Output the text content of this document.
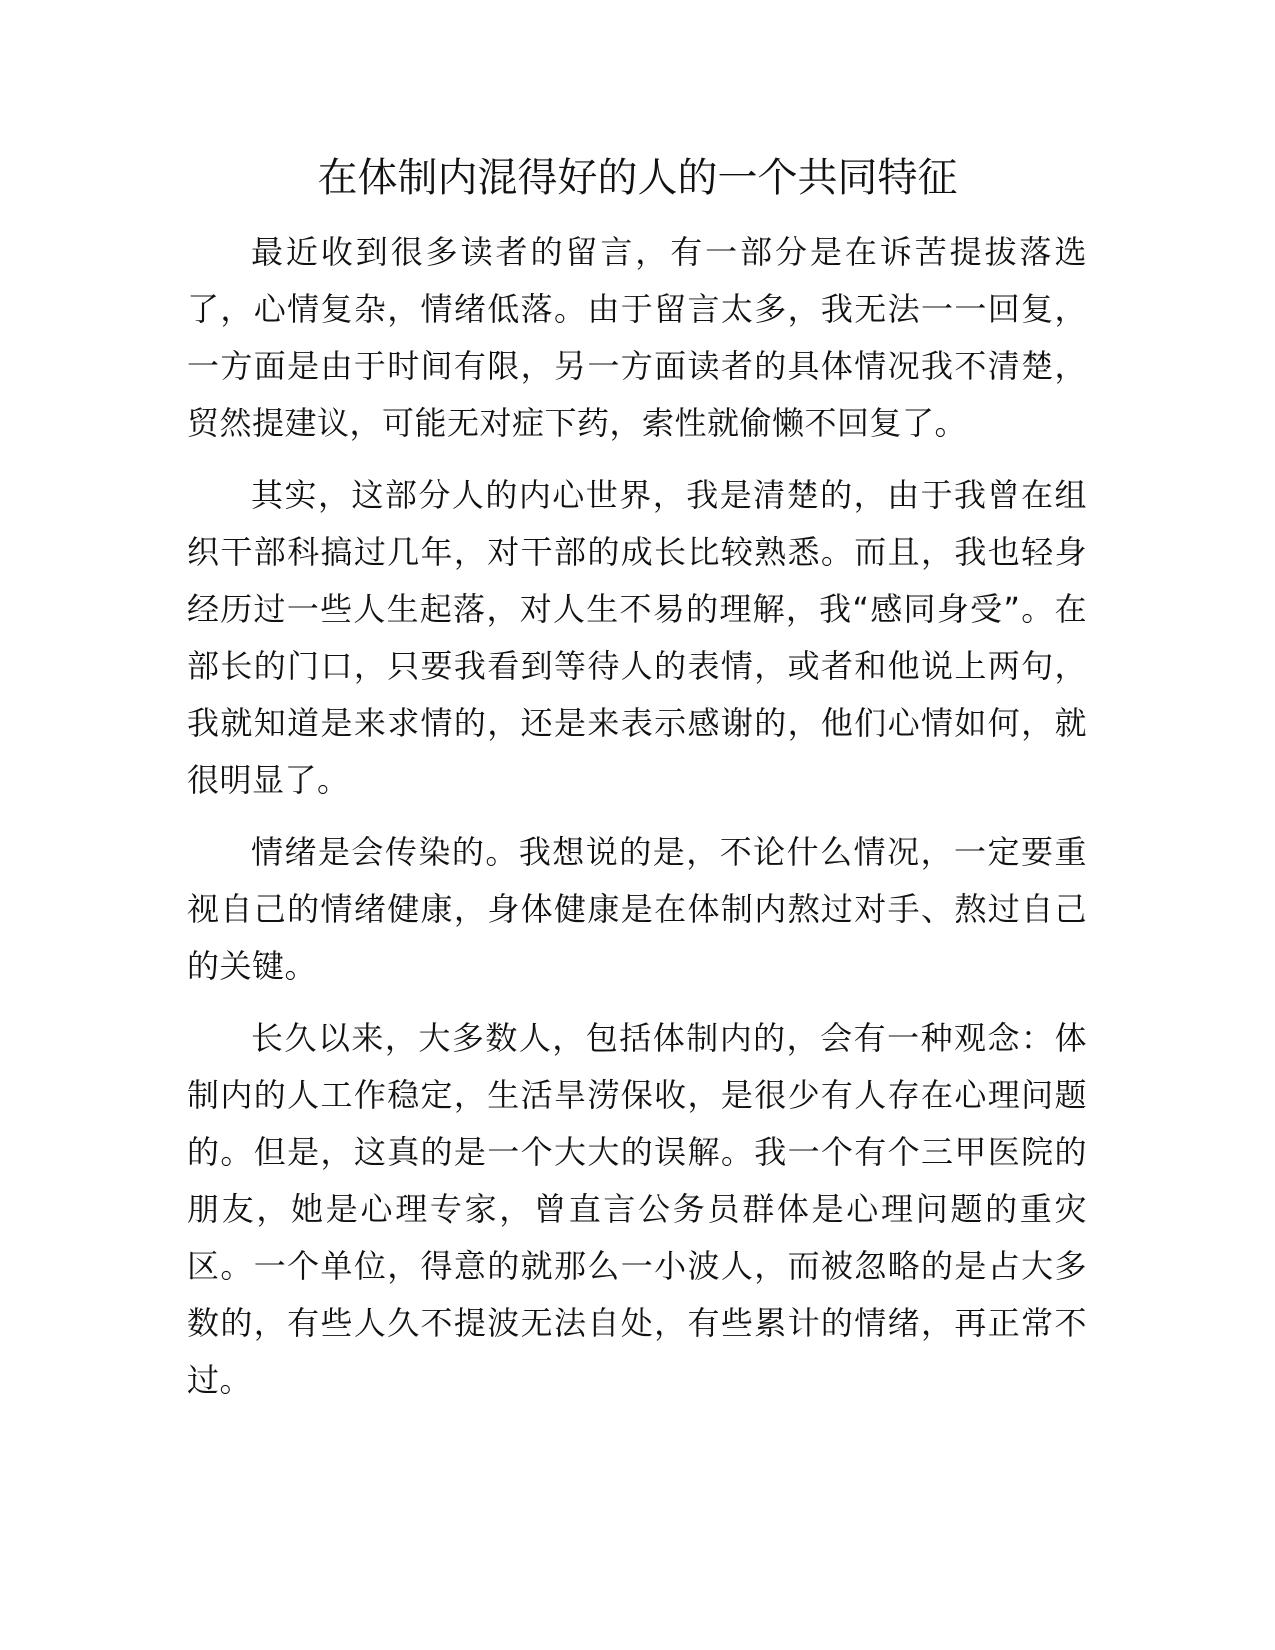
在体制内混得好的人的一个共同特征

最近收到很多读者的留言，有一部分是在诉苦提拔落选了，心情复杂，情绪低落。由于留言太多，我无法一一回复，一方面是由于时间有限，另一方面读者的具体情况我不清楚，贸然提建议，可能无对症下药，索性就偷懒不回复了。

其实，这部分人的内心世界，我是清楚的，由于我曾在组织干部科搞过几年，对干部的成长比较熟悉。而且，我也轻身经历过一些人生起落，对人生不易的理解，我“感同身受”。在部长的门口，只要我看到等待人的表情，或者和他说上两句，我就知道是来求情的，还是来表示感谢的，他们心情如何，就很明显了。

情绪是会传染的。我想说的是，不论什么情况，一定要重视自己的情绪健康，身体健康是在体制内熬过对手、熬过自己的关键。

长久以来，大多数人，包括体制内的，会有一种观念：体制内的人工作稳定，生活旱涝保收，是很少有人存在心理问题的。但是，这真的是一个大大的误解。我一个有个三甲医院的朋友，她是心理专家，曾直言公务员群体是心理问题的重灾区。一个单位，得意的就那么一小波人，而被忽略的是占大多数的，有些人久不提波无法自处，有些累计的情绪，再正常不过。
